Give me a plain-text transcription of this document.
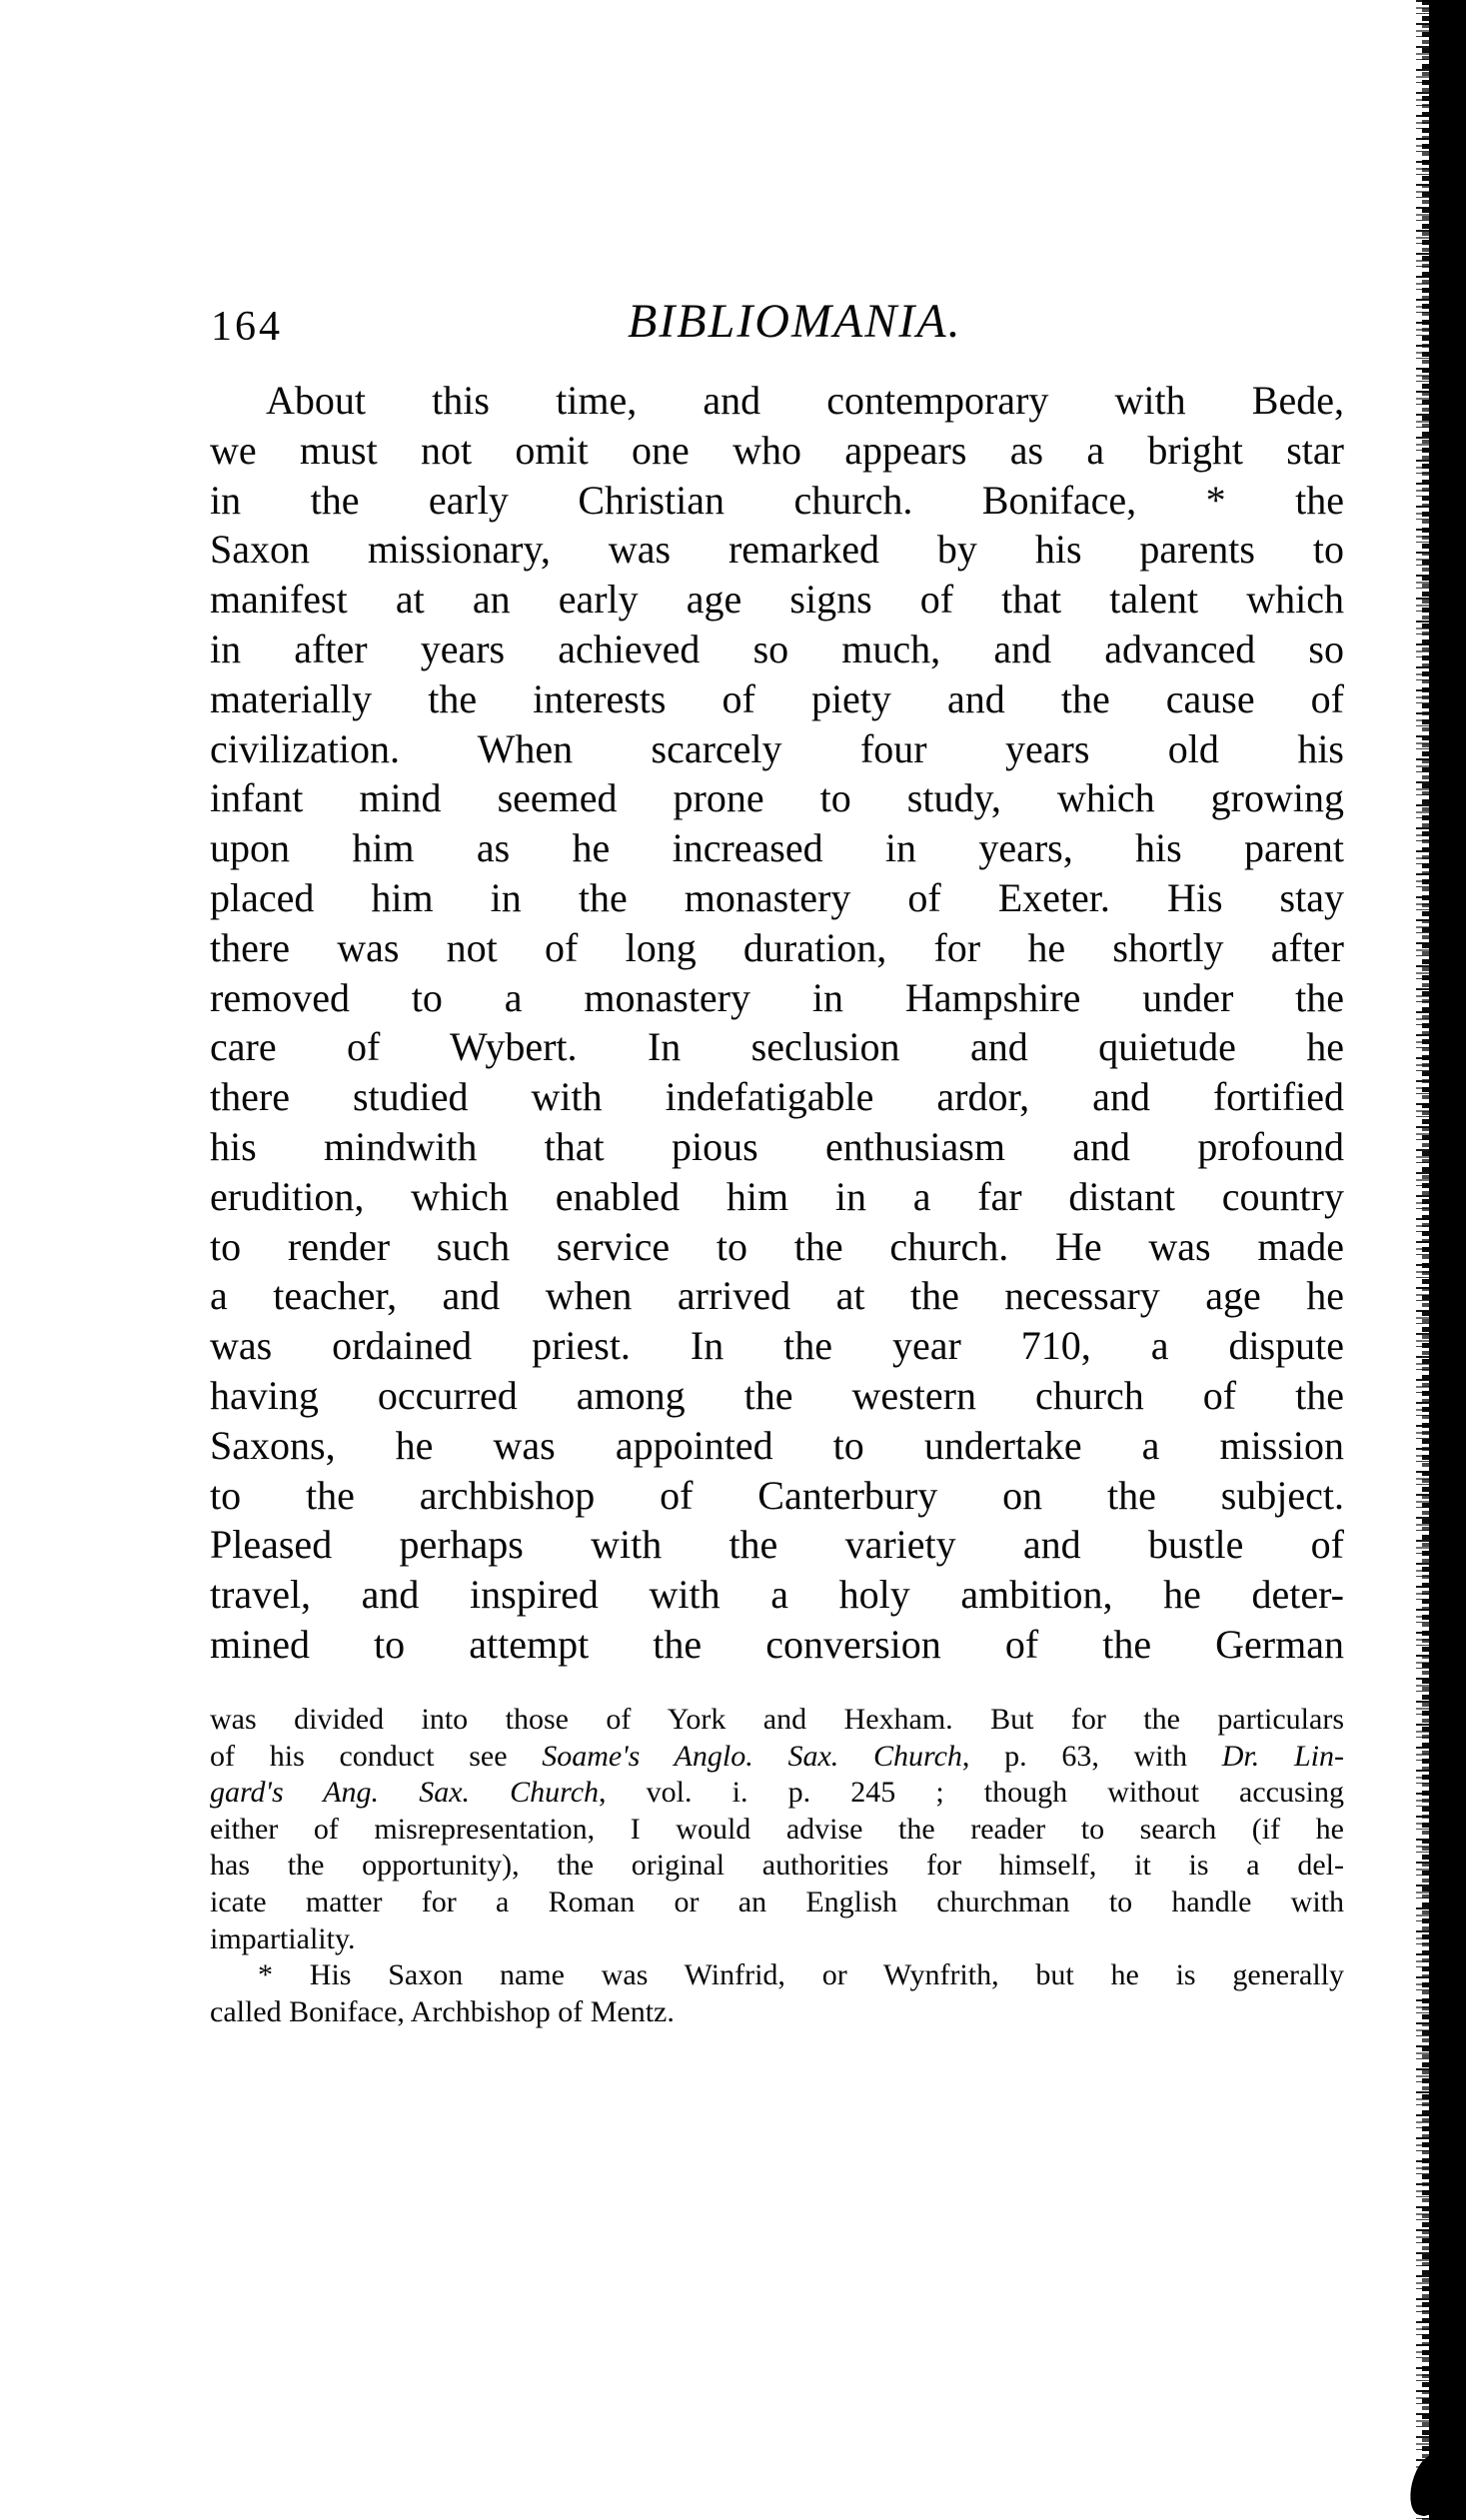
164	BIBLIOMANIA.
About this time, and contemporary with Bede,
we must not omit one who appears as a bright star
in the early Christian church. Boniface, * the
Saxon missionary, was remarked by his parents to
manifest at an early age signs of that talent which
in after years achieved so much, and advanced so
materially the interests of piety and the cause of
civilization. When scarcely four years old his
infant mind seemed prone to study, which growing
upon him as he increased in years, his parent
placed him in the monastery of Exeter. His stay
there was not of long duration, for he shortly after
removed to a monastery in Hampshire under the
care of Wybert. In seclusion and quietude he
there studied with indefatigable ardor, and fortified
his mindwith that pious enthusiasm and profound
erudition, which enabled him in a far distant country
to render such service to the church. He was made
a teacher, and when arrived at the necessary age he
was ordained priest. In the year 710, a dispute
having occurred among the western church of the
Saxons, he was appointed to undertake a mission
to the archbishop of Canterbury on the subject.
Pleased perhaps with the variety and bustle of
travel, and inspired with a holy ambition, he deter-
mined to attempt the conversion of the German
was divided into those of York and Hexham. But for the particulars
of his conduct see Soame's Anglo. Sax. Church, p. 63, with Dr. Lin-
gard's Ang. Sax. Church, vol. i. p. 245 ; though without accusing
either of misrepresentation, I would advise the reader to search (if he
has the opportunity), the original authorities for himself, it is a del-
icate matter for a Roman or an English churchman to handle with
impartiality.
* His Saxon name was Winfrid, or Wynfrith, but he is generally
called Boniface, Archbishop of Mentz.
